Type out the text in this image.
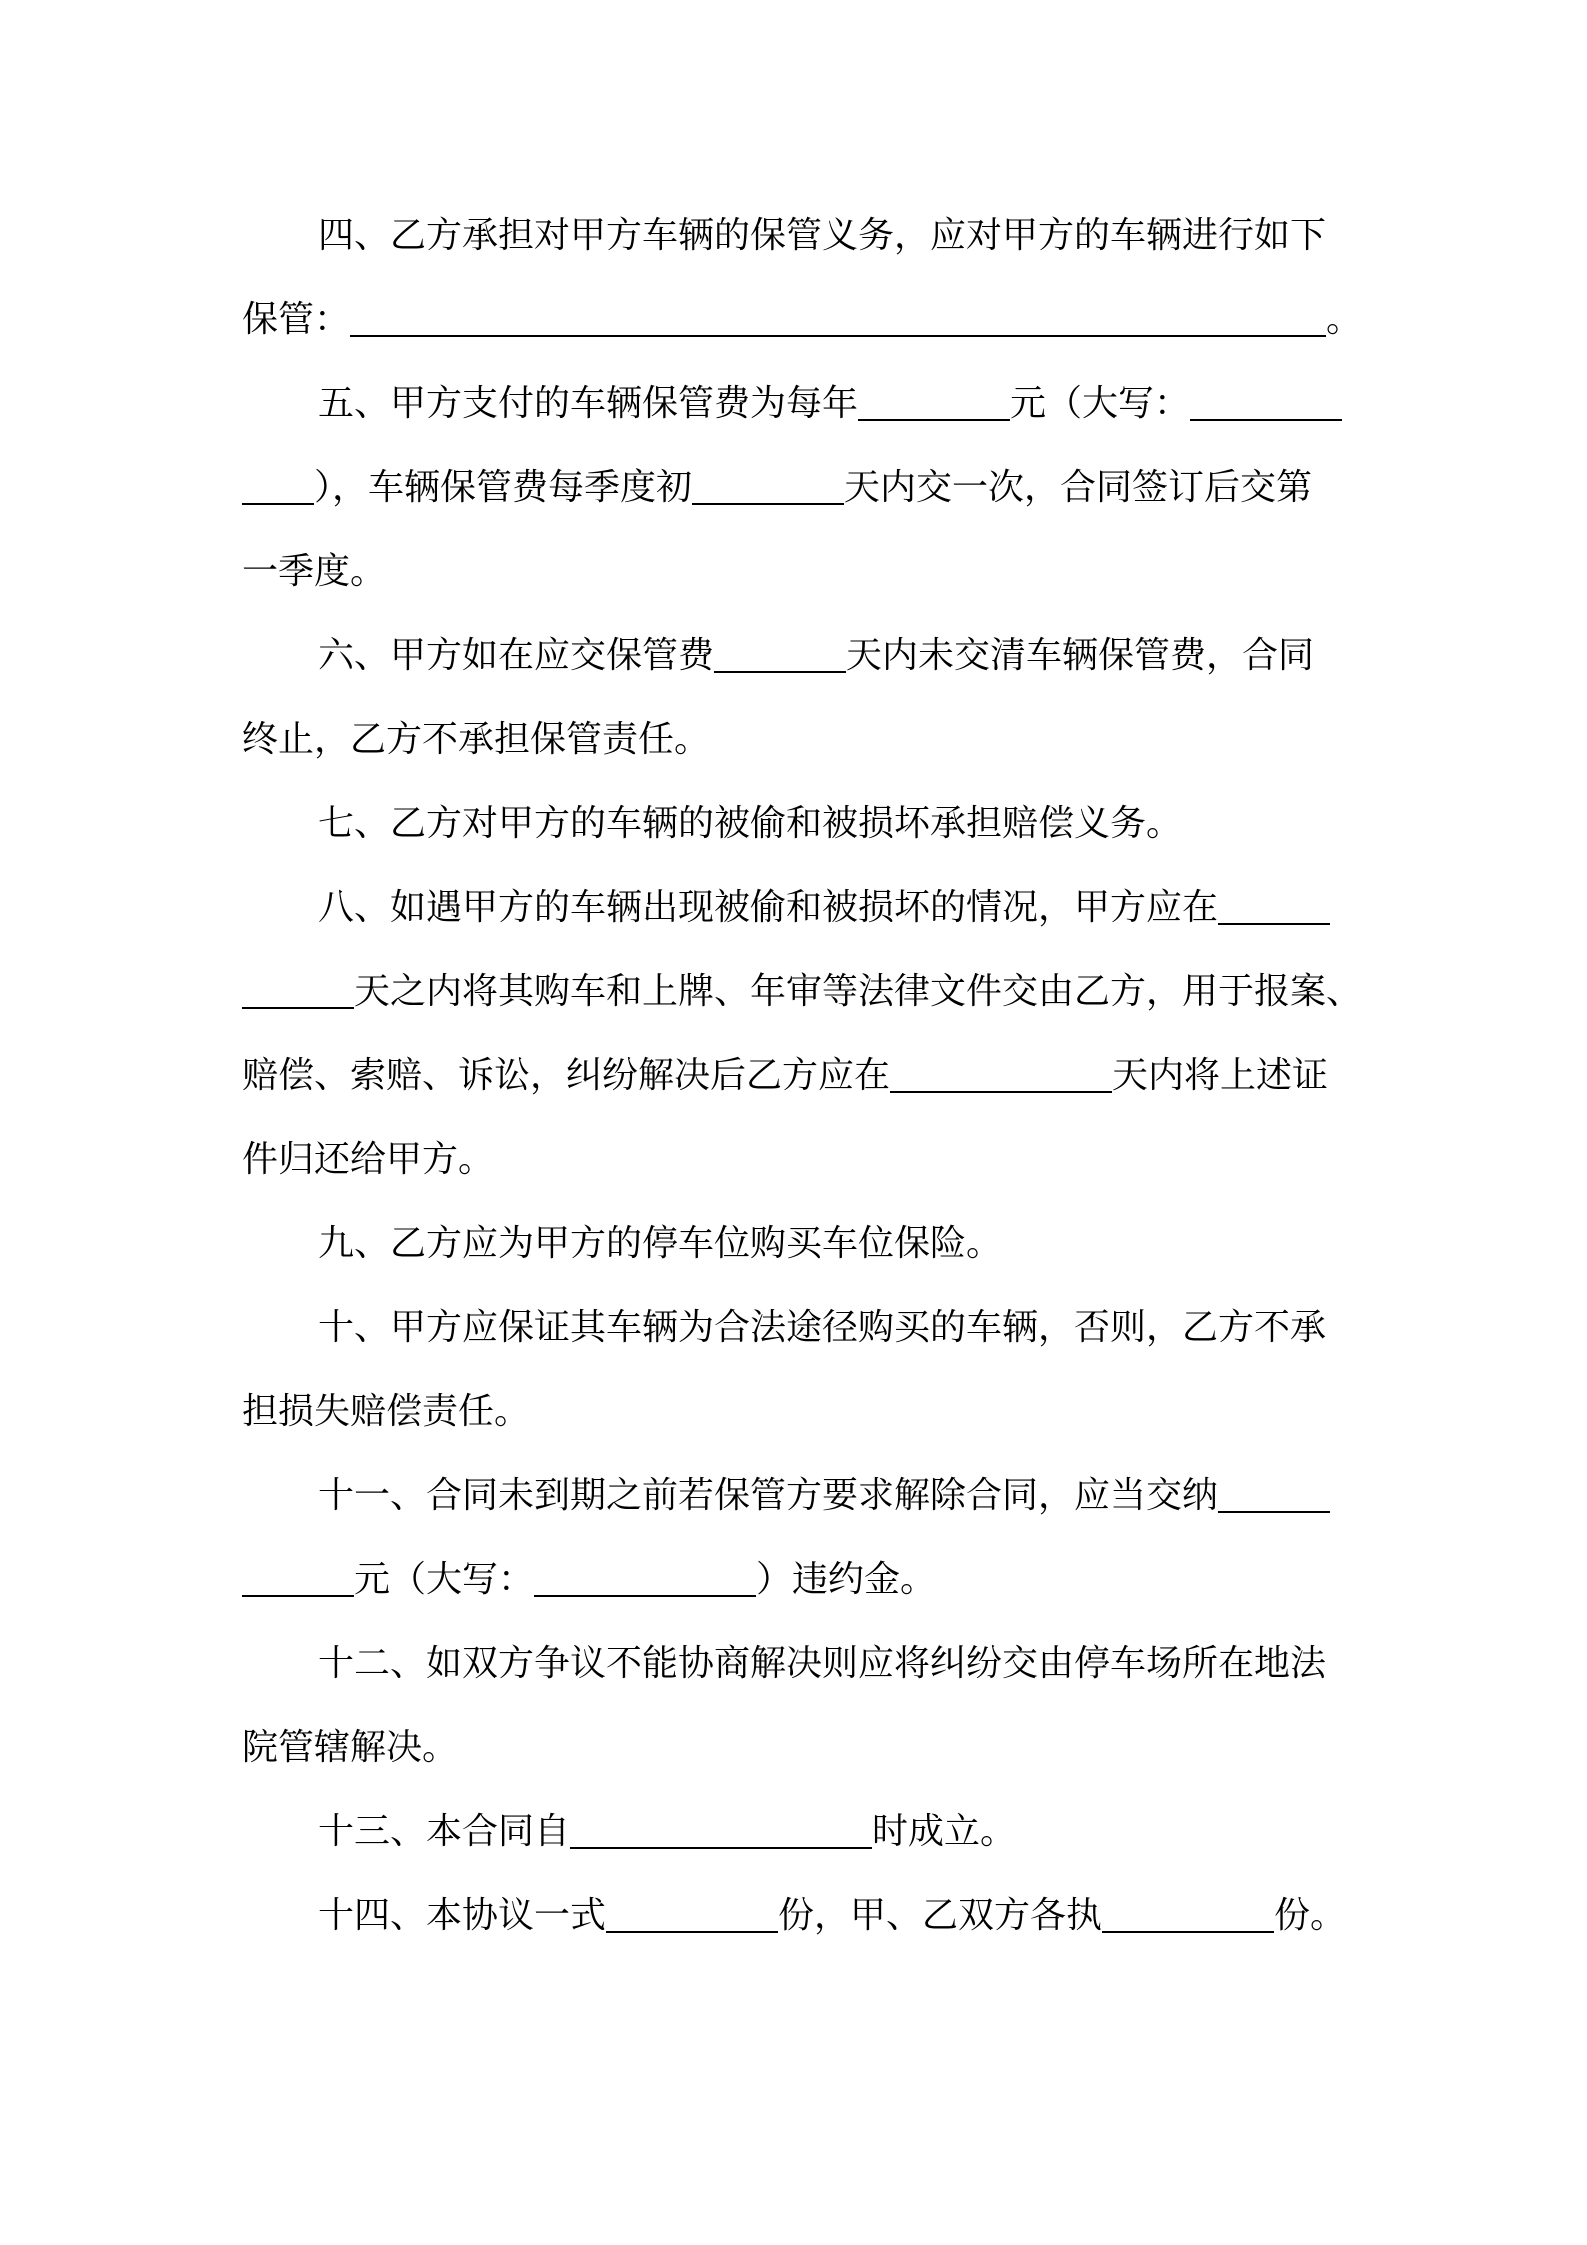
四、乙方承担对甲方车辆的保管义务，应对甲方的车辆进行如下
保管：	。
五、甲方支付的车辆保管费为每年	元（大写：
），车辆保管费每季度初	天内交一次，合同签订后交第
一季度。
六、甲方如在应交保管费	天内未交清车辆保管费，合同
终止，乙方不承担保管责任。
七、乙方对甲方的车辆的被偷和被损坏承担赔偿义务。
八、如遇甲方的车辆出现被偷和被损坏的情况，甲方应在
天之内将其购车和上牌、年审等法律文件交由乙方，用于报案、
赔偿、索赔、诉讼，纠纷解决后乙方应在	天内将上述证
件归还给甲方。
九、乙方应为甲方的停车位购买车位保险。
十、甲方应保证其车辆为合法途径购买的车辆，否则，乙方不承
担损失赔偿责任。
十一、合同未到期之前若保管方要求解除合同，应当交纳
元（大写：	）违约金。
十二、如双方争议不能协商解决则应将纠纷交由停车场所在地法
院管辖解决。
十三、本合同自	时成立。
十四、本协议一式	份，甲、乙双方各执	份。
